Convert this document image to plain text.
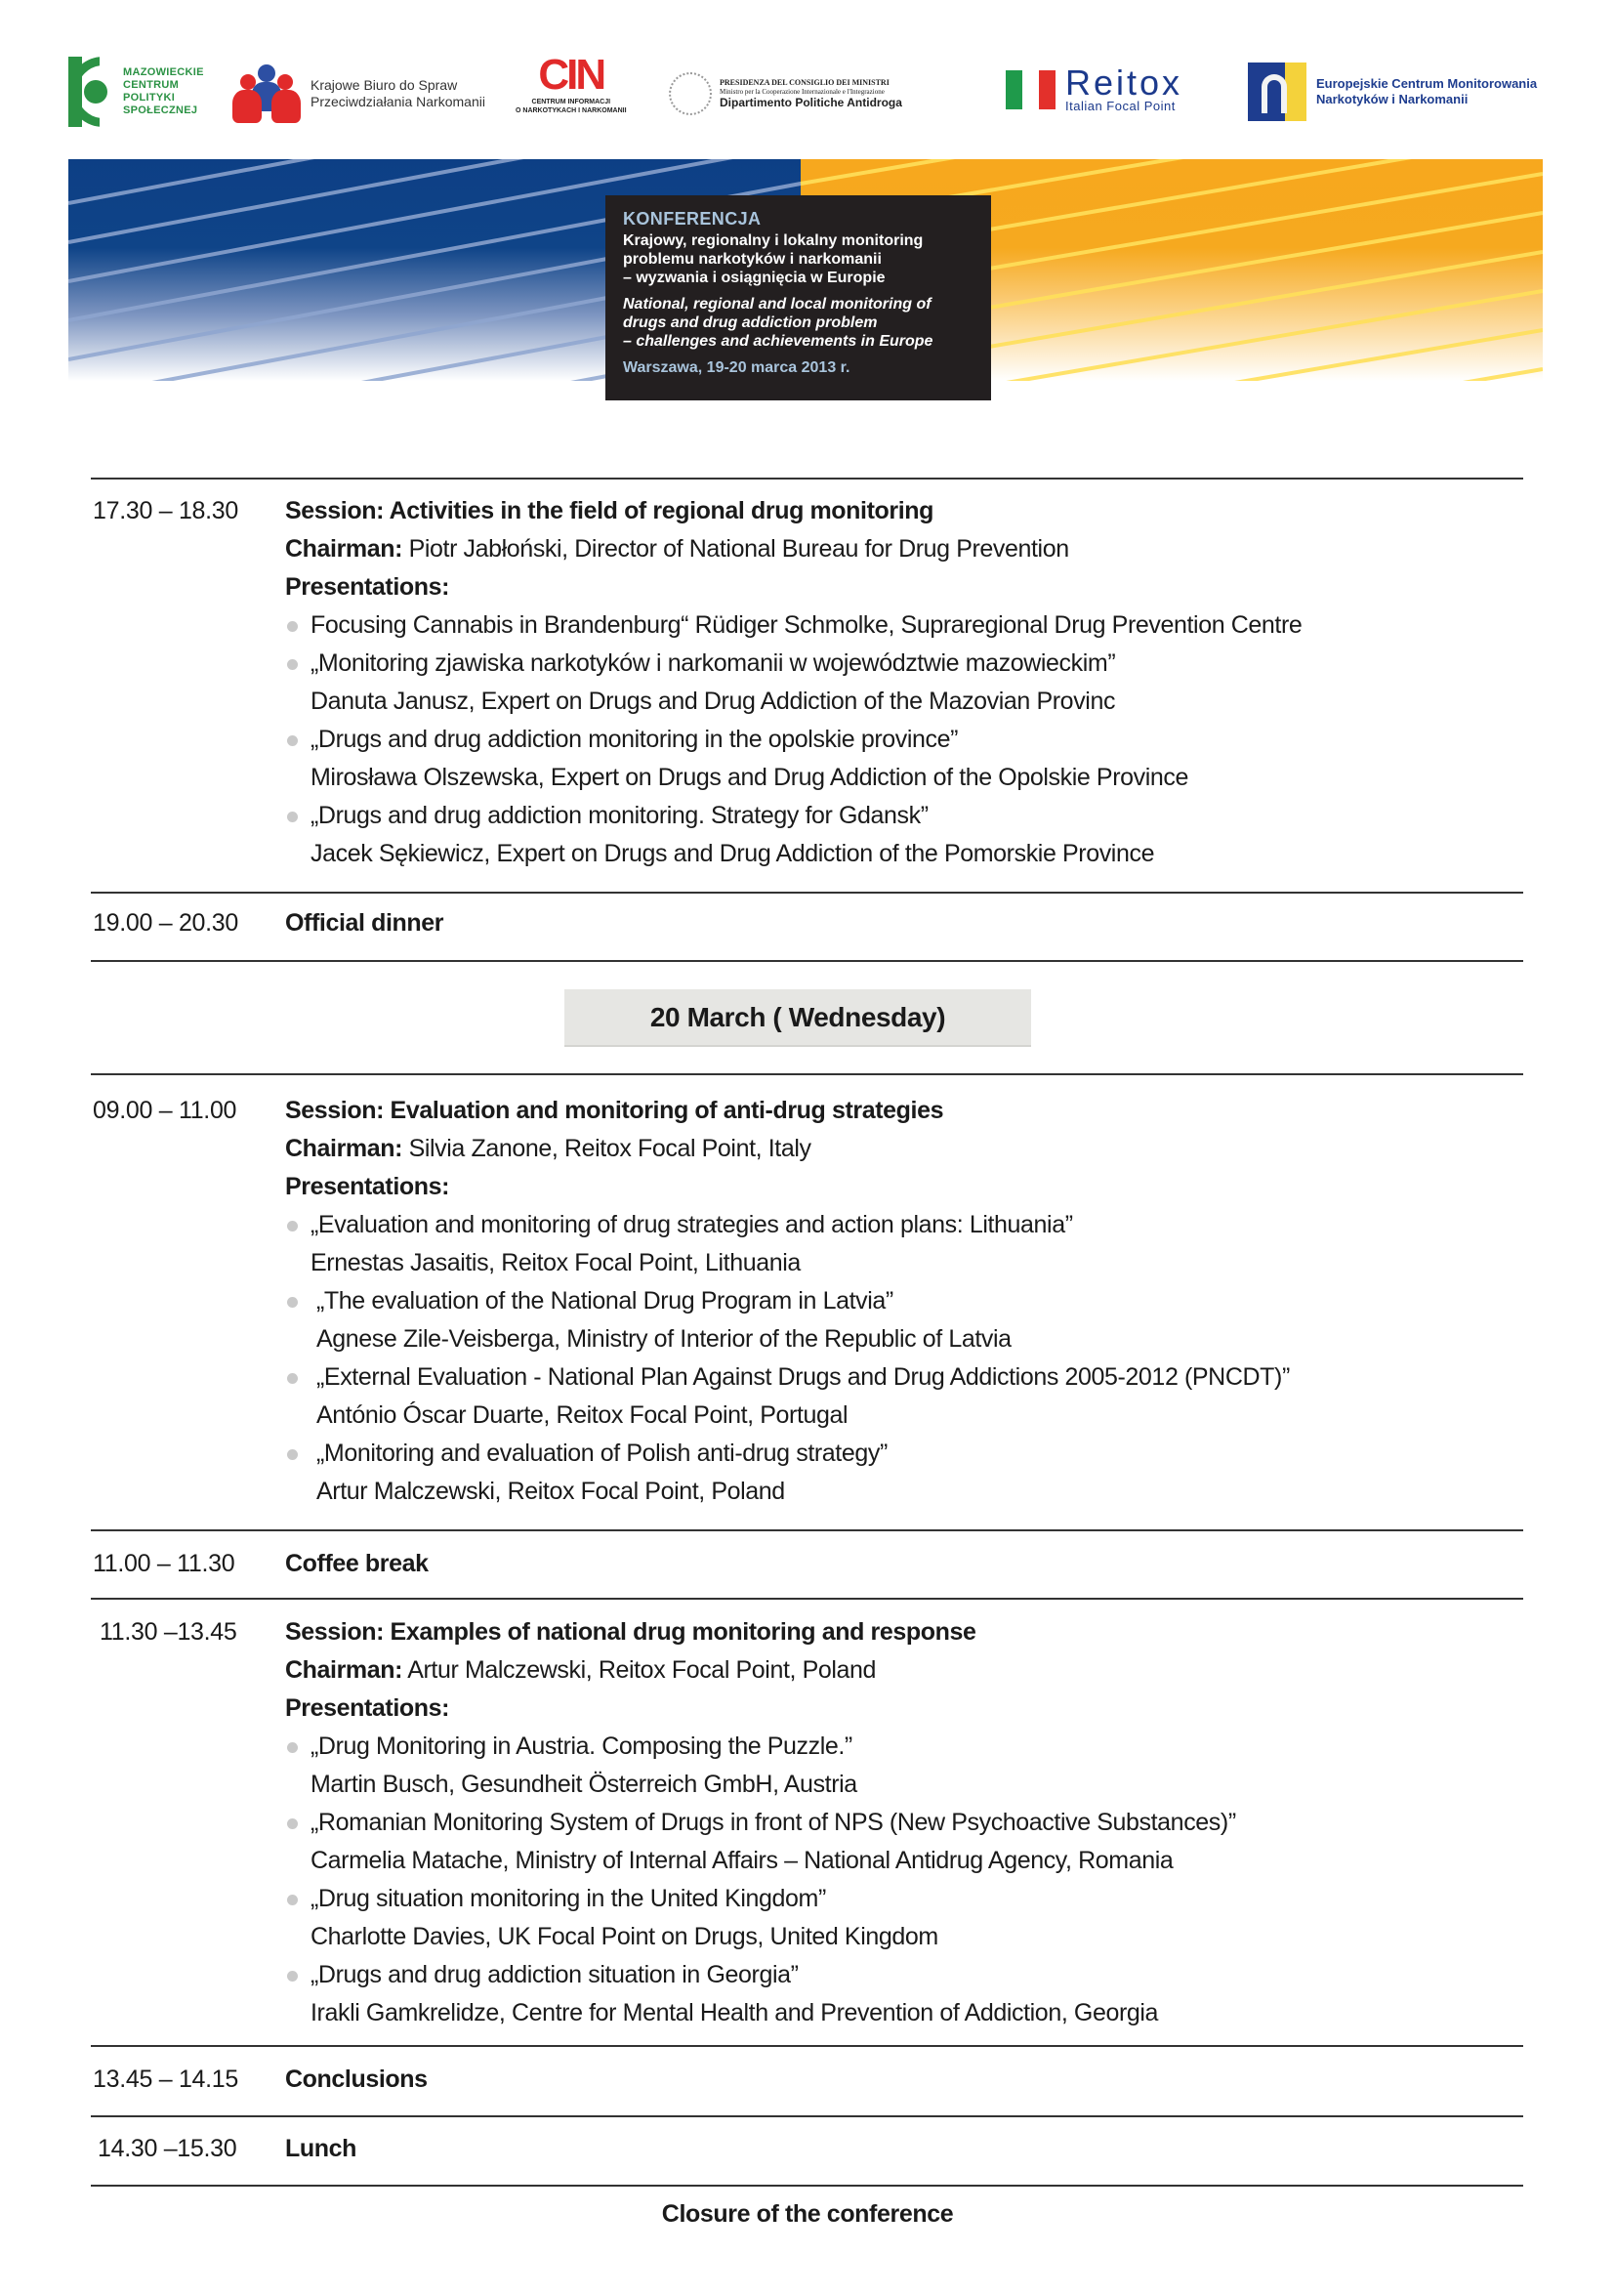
MAZOWIECKIE
CENTRUM
POLITYKI
SPOŁECZNEJ
Krajowe Biuro do Spraw
Przeciwdziałania Narkomanii
CIN
CENTRUM INFORMACJI
O NARKOTYKACH I NARKOMANII
PRESIDENZA DEL CONSIGLIO DEI MINISTRI
Ministro per la Cooperazione Internazionale e l'Integrazione
Dipartimento Politiche Antidroga	Reitox
Italian Focal Point
Europejskie Centrum Monitorowania
Narkotyków i Narkomanii
KONFERENCJA
Krajowy, regionalny i lokalny monitoring
problemu narkotyków i narkomanii
– wyzwania i osiągnięcia w Europie
National, regional and local monitoring of
drugs and drug addiction problem
– challenges and achievements in Europe
Warszawa, 19-20 marca 2013 r.
17.30 – 18.30 Session: Activities in the field of regional drug monitoring
Chairman: Piotr Jabłoński, Director of National Bureau for Drug Prevention
Presentations:
Focusing Cannabis in Brandenburg“ Rüdiger Schmolke, Supraregional Drug Prevention Centre
„Monitoring zjawiska narkotyków i narkomanii w województwie mazowieckim”
Danuta Janusz, Expert on Drugs and Drug Addiction of the Mazovian Provinc
„Drugs and drug addiction monitoring in the opolskie province”
Mirosława Olszewska, Expert on Drugs and Drug Addiction of the Opolskie Province
„Drugs and drug addiction monitoring. Strategy for Gdansk”
Jacek Sękiewicz, Expert on Drugs and Drug Addiction of the Pomorskie Province
19.00 – 20.30 Official dinner
20 March ( Wednesday)
09.00 – 11.00 Session: Evaluation and monitoring of anti-drug strategies
Chairman: Silvia Zanone, Reitox Focal Point, Italy
Presentations:
„Evaluation and monitoring of drug strategies and action plans: Lithuania”
Ernestas Jasaitis, Reitox Focal Point, Lithuania
„The evaluation of the National Drug Program in Latvia”
Agnese Zile-Veisberga, Ministry of Interior of the Republic of Latvia
„External Evaluation - National Plan Against Drugs and Drug Addictions 2005-2012 (PNCDT)”
António Óscar Duarte, Reitox Focal Point, Portugal
„Monitoring and evaluation of Polish anti-drug strategy”
Artur Malczewski, Reitox Focal Point, Poland
11.00 – 11.30 Coffee break
11.30 –13.45 Session: Examples of national drug monitoring and response
Chairman: Artur Malczewski, Reitox Focal Point, Poland
Presentations:
„Drug Monitoring in Austria. Composing the Puzzle.”
Martin Busch, Gesundheit Österreich GmbH, Austria
„Romanian Monitoring System of Drugs in front of NPS (New Psychoactive Substances)”
Carmelia Matache, Ministry of Internal Affairs – National Antidrug Agency, Romania
„Drug situation monitoring in the United Kingdom”
Charlotte Davies, UK Focal Point on Drugs, United Kingdom
„Drugs and drug addiction situation in Georgia”
Irakli Gamkrelidze, Centre for Mental Health and Prevention of Addiction, Georgia
13.45 – 14.15 Conclusions
14.30 –15.30 Lunch
Closure of the conference
